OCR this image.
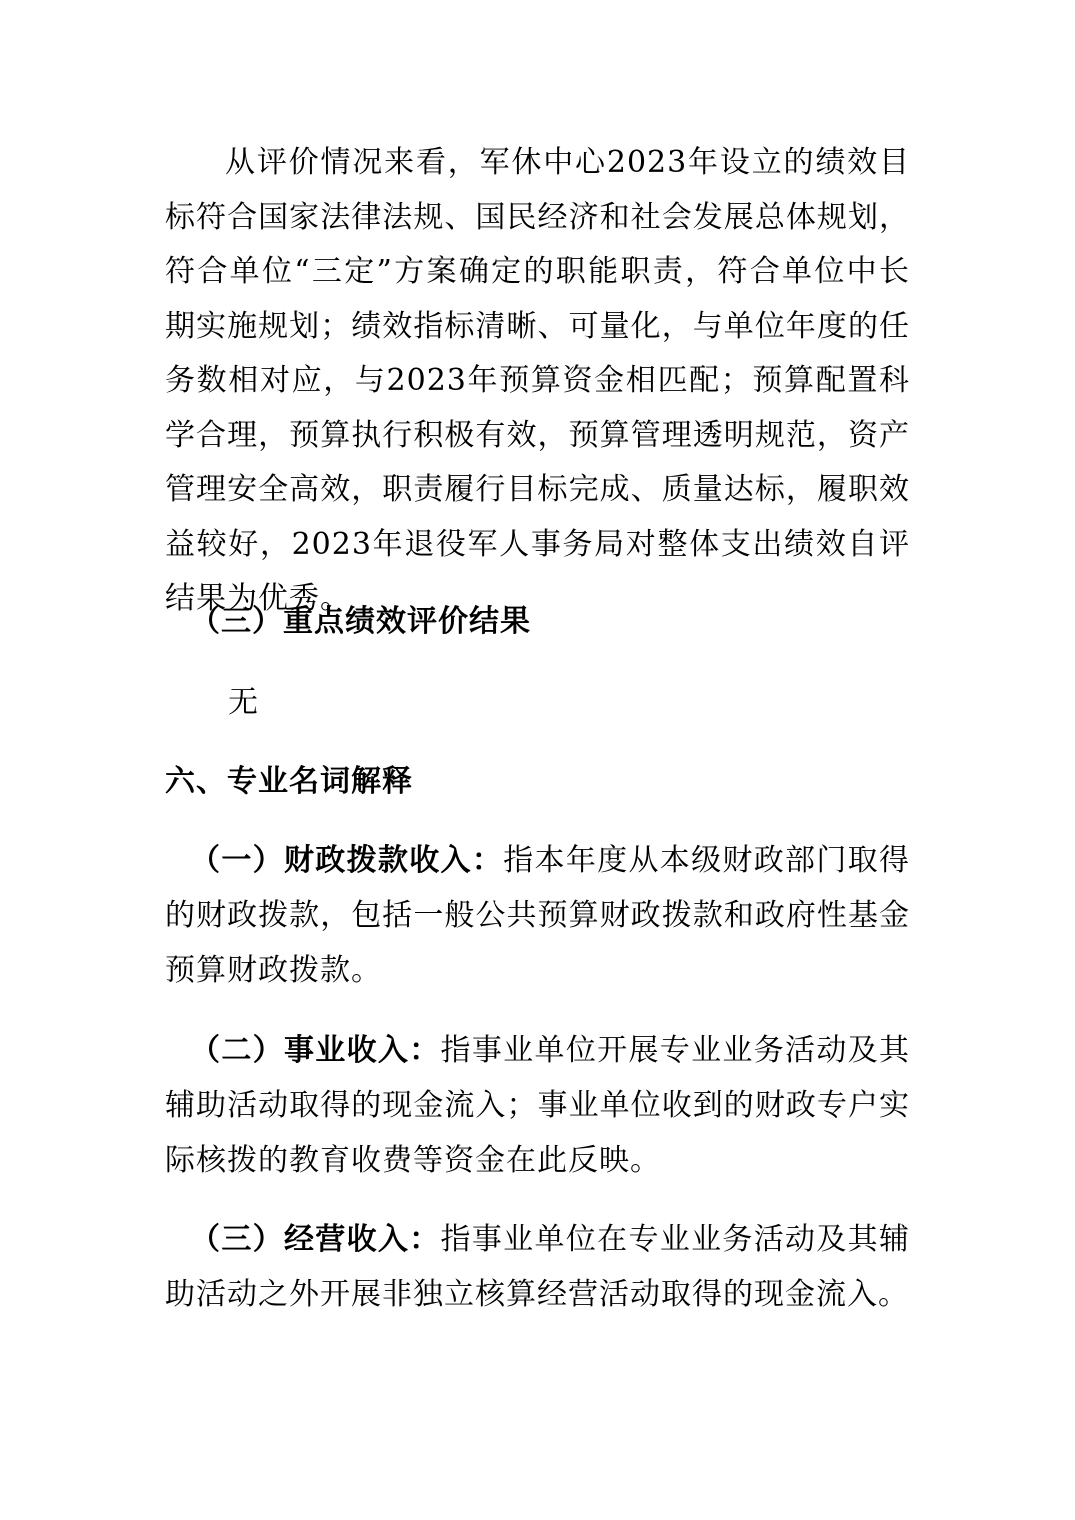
从评价情况来看，军休中心2023年设立的绩效目标符合国家法律法规、国民经济和社会发展总体规划，符合单位“三定”方案确定的职能职责，符合单位中长期实施规划；绩效指标清晰、可量化，与单位年度的任务数相对应，与2023年预算资金相匹配；预算配置科学合理，预算执行积极有效，预算管理透明规范，资产管理安全高效，职责履行目标完成、质量达标，履职效益较好，2023年退役军人事务局对整体支出绩效自评结果为优秀。
（三）重点绩效评价结果
无
六、专业名词解释
（一）财政拨款收入：指本年度从本级财政部门取得的财政拨款，包括一般公共预算财政拨款和政府性基金预算财政拨款。
（二）事业收入：指事业单位开展专业业务活动及其辅助活动取得的现金流入；事业单位收到的财政专户实际核拨的教育收费等资金在此反映。
（三）经营收入：指事业单位在专业业务活动及其辅助活动之外开展非独立核算经营活动取得的现金流入。
